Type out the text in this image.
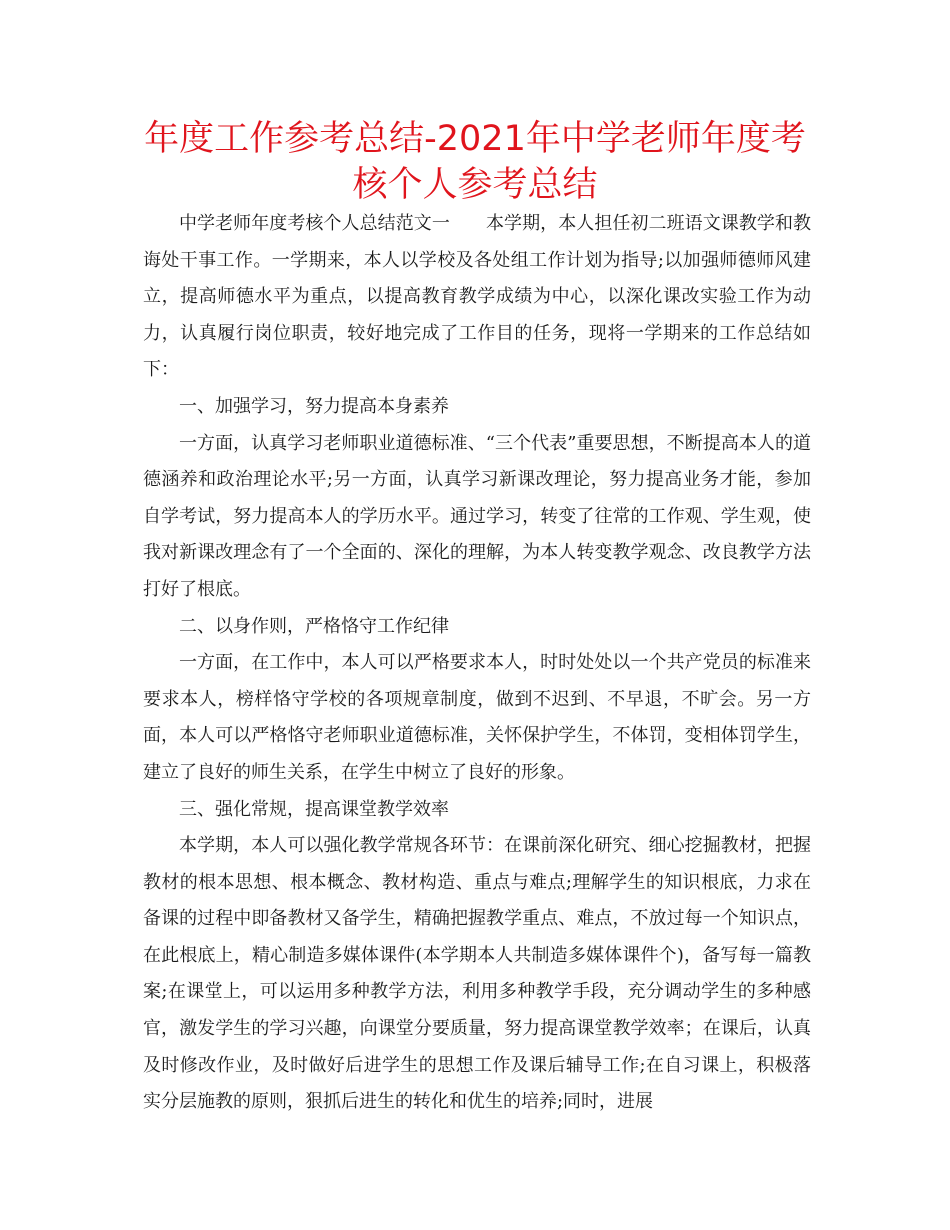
年度工作参考总结-2021年中学老师年度考核个人参考总结

中学老师年度考核个人总结范文一　　本学期，本人担任初二班语文课教学和教诲处干事工作。一学期来，本人以学校及各处组工作计划为指导;以加强师德师风建立，提高师德水平为重点，以提高教育教学成绩为中心，以深化课改实验工作为动力，认真履行岗位职责，较好地完成了工作目的任务，现将一学期来的工作总结如下：

一、加强学习，努力提高本身素养

一方面，认真学习老师职业道德标准、“三个代表”重要思想，不断提高本人的道德涵养和政治理论水平;另一方面，认真学习新课改理论，努力提高业务才能，参加自学考试，努力提高本人的学历水平。通过学习，转变了往常的工作观、学生观，使我对新课改理念有了一个全面的、深化的理解，为本人转变教学观念、改良教学方法打好了根底。

二、以身作则，严格恪守工作纪律

一方面，在工作中，本人可以严格要求本人，时时处处以一个共产党员的标准来要求本人，榜样恪守学校的各项规章制度，做到不迟到、不早退，不旷会。另一方面，本人可以严格恪守老师职业道德标准，关怀保护学生，不体罚，变相体罚学生，建立了良好的师生关系，在学生中树立了良好的形象。

三、强化常规，提高课堂教学效率

本学期，本人可以强化教学常规各环节：在课前深化研究、细心挖掘教材，把握教材的根本思想、根本概念、教材构造、重点与难点;理解学生的知识根底，力求在备课的过程中即备教材又备学生，精确把握教学重点、难点，不放过每一个知识点，在此根底上，精心制造多媒体课件(本学期本人共制造多媒体课件个)，备写每一篇教案;在课堂上，可以运用多种教学方法，利用多种教学手段，充分调动学生的多种感官，激发学生的学习兴趣，向课堂分要质量，努力提高课堂教学效率；在课后，认真及时修改作业，及时做好后进学生的思想工作及课后辅导工作;在自习课上，积极落实分层施教的原则，狠抓后进生的转化和优生的培养;同时，进展
